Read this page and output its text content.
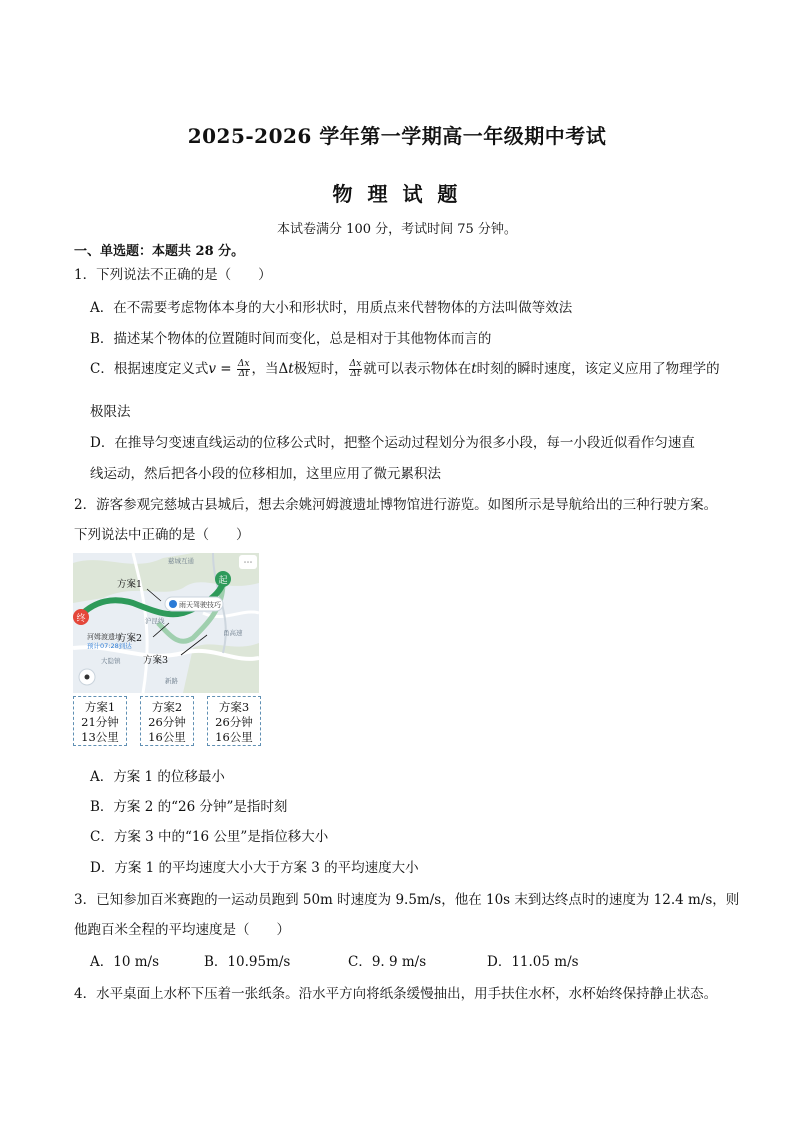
2025-2026 学年第一学期高一年级期中考试
物 理 试 题
本试卷满分 100 分，考试时间 75 分钟。
一、单选题：本题共 28 分。
1．下列说法不正确的是（　　）
A．在不需要考虑物体本身的大小和形状时，用质点来代替物体的方法叫做等效法
B．描述某个物体的位置随时间而变化，总是相对于其他物体而言的
C．根据速度定义式$v = \frac{\Delta x}{\Delta t}$ ，当Δt极短时， $\frac{\Delta x}{\Delta t}$ 就可以表示物体在t时刻的瞬时速度，该定义应用了物理学的
极限法
D．在推导匀变速直线运动的位移公式时，把整个运动过程划分为很多小段，每一小段近似看作匀速直
线运动，然后把各小段的位移相加，这里应用了微元累积法
2．游客参观完慈城古县城后，想去余姚河姆渡遗址博物馆进行游览。如图所示是导航给出的三种行驶方案。
下列说法中正确的是（　　）
起
终
雨天驾驶技巧
河姆渡遗址
预计07:28到达
慈城互通
沪昆线
大隐镇
甬高速
新路
方案1
方案2
方案3
⋯
方案1
21分钟
13公里
方案2
26分钟
16公里
方案3
26分钟
16公里
A．方案 1 的位移最小
B．方案 2 的“26 分钟”是指时刻
C．方案 3 中的“16 公里”是指位移大小
D．方案 1 的平均速度大小大于方案 3 的平均速度大小
3．已知参加百米赛跑的一运动员跑到 50m 时速度为 9.5m/s，他在 10s 末到达终点时的速度为 12.4 m/s，则
他跑百米全程的平均速度是（　　）
A．10 m/s	B．10.95m/s	C．9. 9 m/s	D．11.05 m/s
4．水平桌面上水杯下压着一张纸条。沿水平方向将纸条缓慢抽出，用手扶住水杯，水杯始终保持静止状态。
